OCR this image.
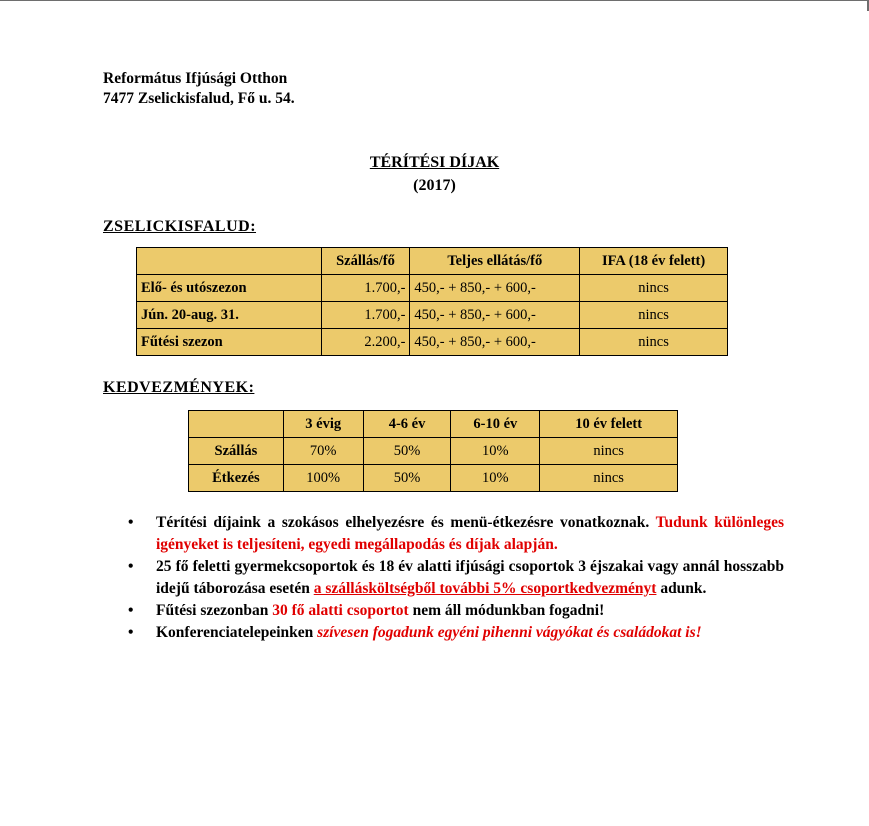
Református Ifjúsági Otthon
7477 Zselickisfalud, Fő u. 54.
TÉRÍTÉSI DÍJAK
(2017)
ZSELICKISFALUD:
	Szállás/fő	Teljes ellátás/fő	IFA (18 év felett)
Elő- és utószezon	1.700,-	450,- + 850,- + 600,-	nincs
Jún. 20-aug. 31.	1.700,-	450,- + 850,- + 600,-	nincs
Fűtési szezon	2.200,-	450,- + 850,- + 600,-	nincs
KEDVEZMÉNYEK:
	3 évig	4-6 év	6-10 év	10 év felett
Szállás	70%	50%	10%	nincs
Étkezés	100%	50%	10%	nincs
• Térítési díjaink a szokásos elhelyezésre és menü-étkezésre vonatkoznak. Tudunk különleges igényeket is teljesíteni, egyedi megállapodás és díjak alapján.
• 25 fő feletti gyermekcsoportok és 18 év alatti ifjúsági csoportok 3 éjszakai vagy annál hosszabb idejű táborozása esetén a szállásköltségből további 5% csoportkedvezményt adunk.
• Fűtési szezonban 30 fő alatti csoportot nem áll módunkban fogadni!
• Konferenciatelepeinken szívesen fogadunk egyéni pihenni vágyókat és családokat is!
